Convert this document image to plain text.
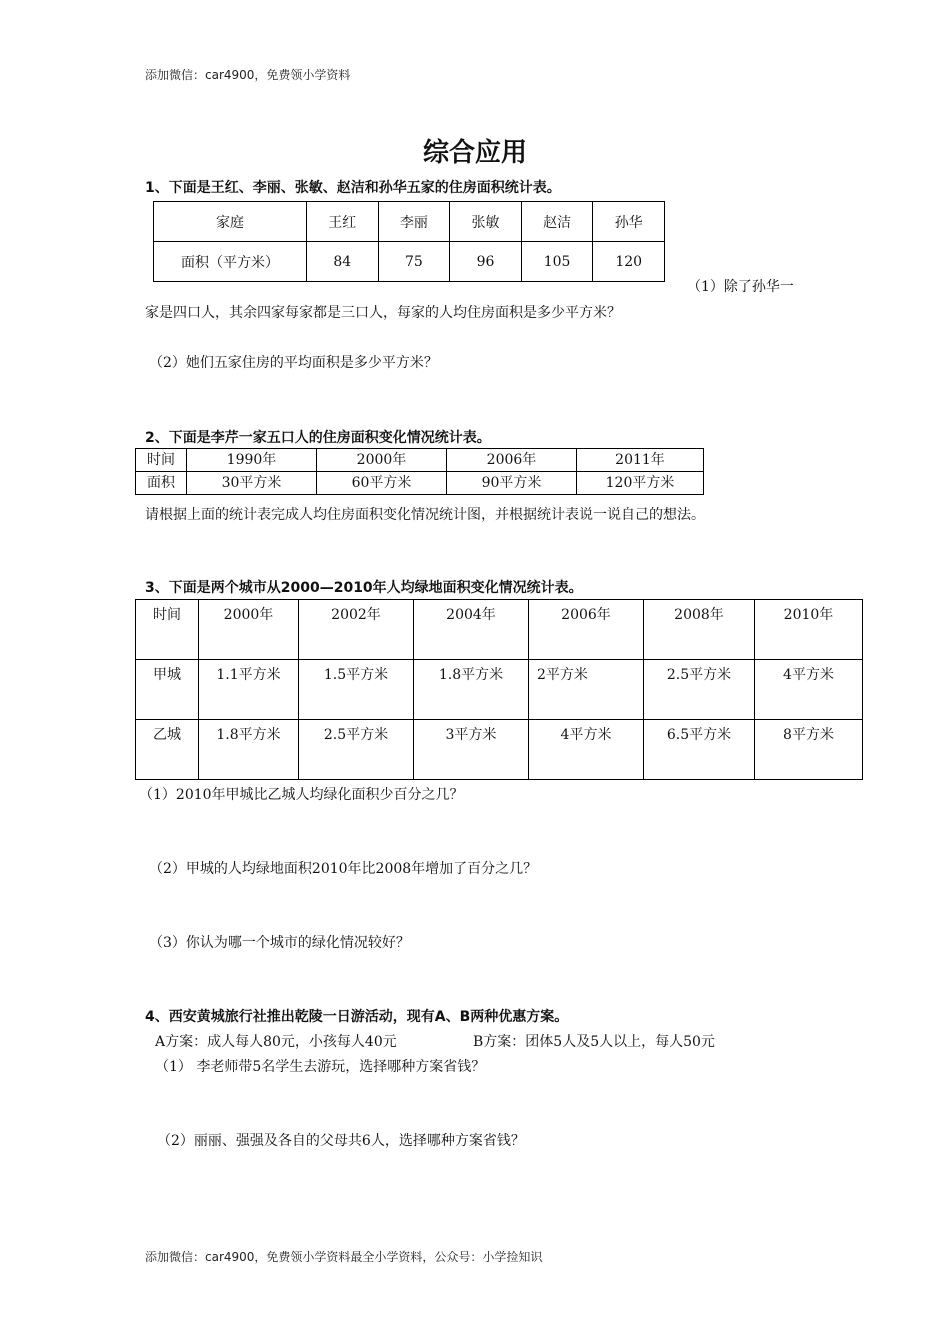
添加微信：car4900，免费领小学资料
综合应用
1、下面是王红、李丽、张敏、赵洁和孙华五家的住房面积统计表。
家庭	王红	李丽	张敏	赵洁	孙华
面积（平方米）	84	75	96	105	120
（1）除了孙华一
家是四口人，其余四家每家都是三口人，每家的人均住房面积是多少平方米？
（2）她们五家住房的平均面积是多少平方米？
2、下面是李芹一家五口人的住房面积变化情况统计表。
时间	1990年	2000年	2006年	2011年
面积	30平方米	60平方米	90平方米	120平方米
请根据上面的统计表完成人均住房面积变化情况统计图，并根据统计表说一说自己的想法。
3、下面是两个城市从2000—2010年人均绿地面积变化情况统计表。
时间	2000年	2002年	2004年	2006年	2008年	2010年
甲城	1.1平方米	1.5平方米	1.8平方米	2平方米	2.5平方米	4平方米
乙城	1.8平方米	2.5平方米	3平方米	4平方米	6.5平方米	8平方米
（1）2010年甲城比乙城人均绿化面积少百分之几？
（2）甲城的人均绿地面积2010年比2008年增加了百分之几？
（3）你认为哪一个城市的绿化情况较好？
4、西安黄城旅行社推出乾陵一日游活动，现有A、B两种优惠方案。
A方案：成人每人80元，小孩每人40元	B方案：团体5人及5人以上，每人50元
（1） 李老师带5名学生去游玩，选择哪种方案省钱？
（2）丽丽、强强及各自的父母共6人，选择哪种方案省钱？
添加微信：car4900，免费领小学资料最全小学资料，公众号：小学捡知识
